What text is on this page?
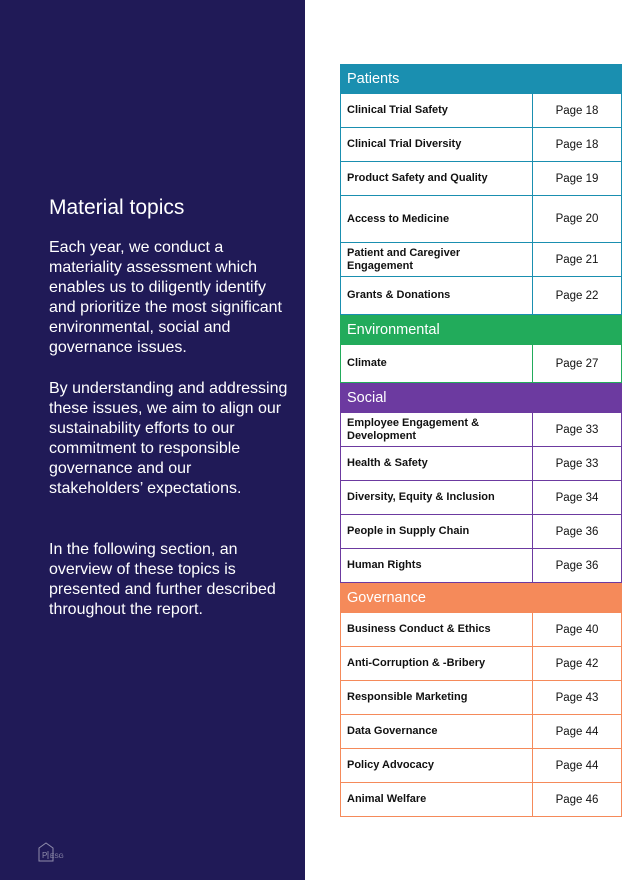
Material topics

Each year, we conduct a materiality assessment which enables us to diligently identify and prioritize the most significant environmental, social and governance issues.

By understanding and addressing these issues, we aim to align our sustainability efforts to our commitment to responsible governance and our stakeholders’ expectations.

In the following section, an overview of these topics is presented and further described throughout the report.

P ESG
Patients
Clinical Trial Safety	Page 18
Clinical Trial Diversity	Page 18
Product Safety and Quality	Page 19
Access to Medicine	Page 20
Patient and Caregiver Engagement	Page 21
Grants & Donations	Page 22
Environmental
Climate	Page 27
Social
Employee Engagement & Development	Page 33
Health & Safety	Page 33
Diversity, Equity & Inclusion	Page 34
People in Supply Chain	Page 36
Human Rights	Page 36
Governance
Business Conduct & Ethics	Page 40
Anti-Corruption & -Bribery	Page 42
Responsible Marketing	Page 43
Data Governance	Page 44
Policy Advocacy	Page 44
Animal Welfare	Page 46
